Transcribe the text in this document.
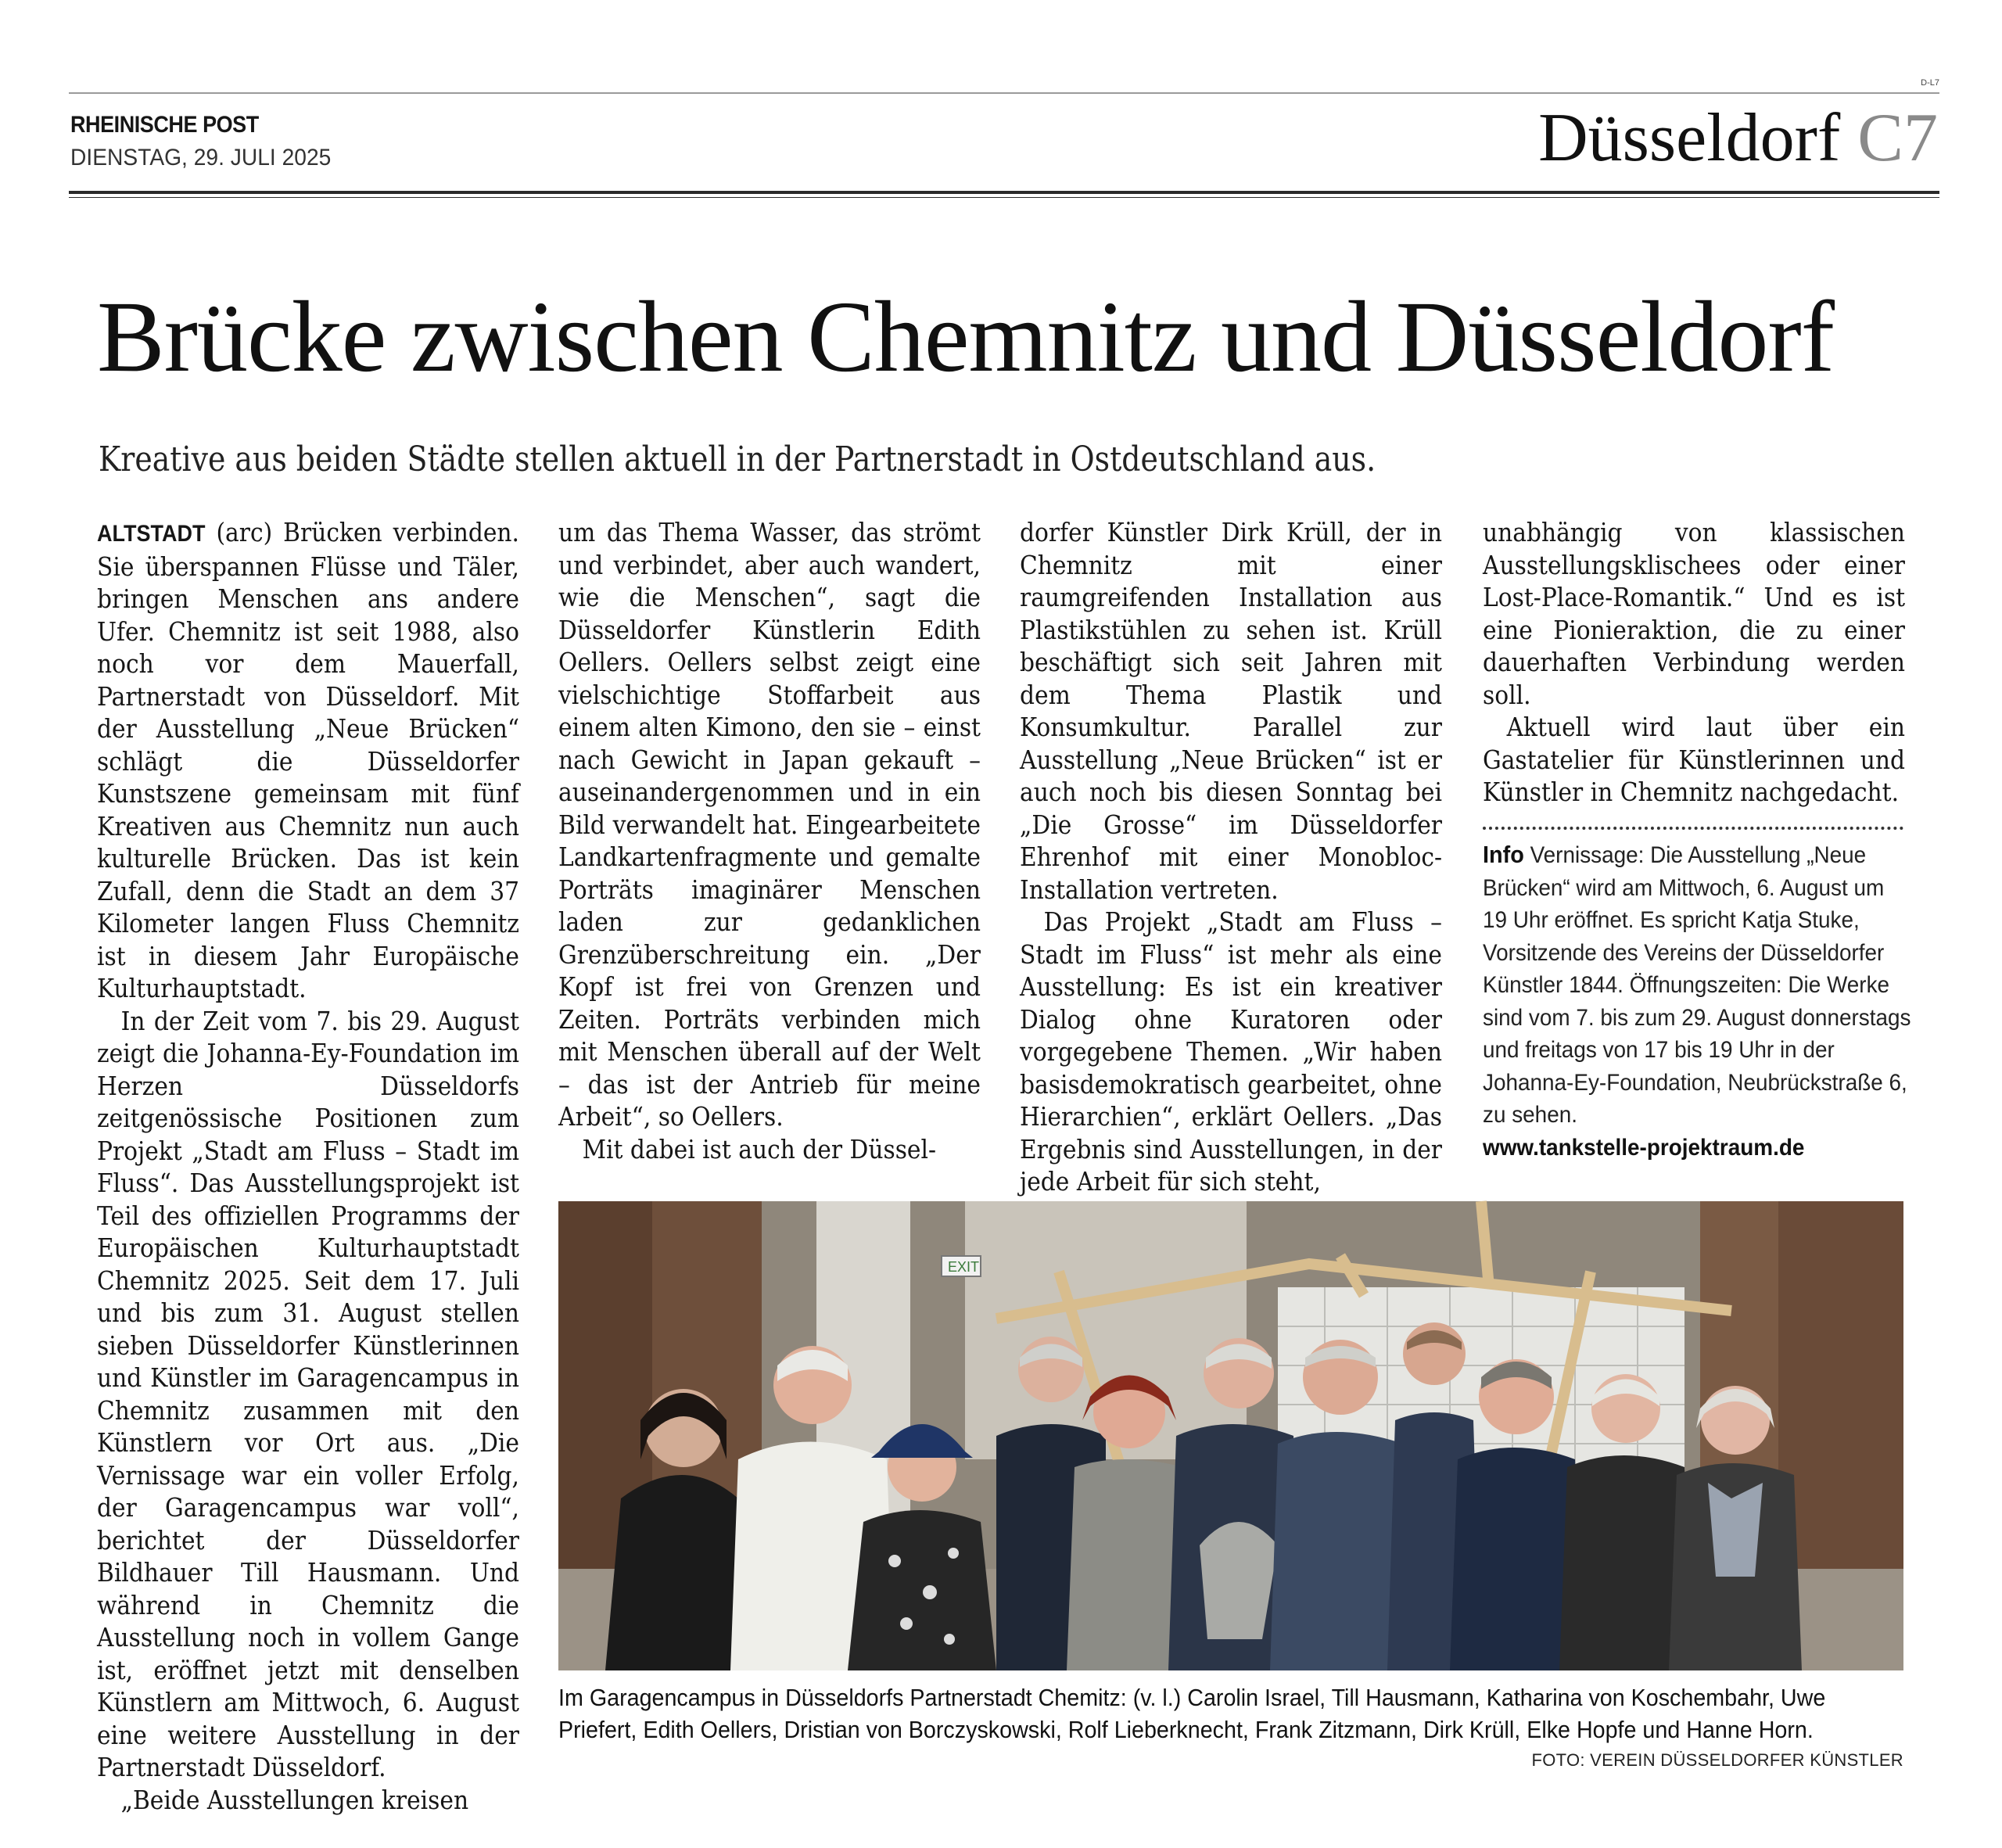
D-L7
RHEINISCHE POST
DIENSTAG, 29. JULI 2025	Düsseldorf C7
Brücke zwischen Chemnitz und Düsseldorf
Kreative aus beiden Städte stellen aktuell in der Partnerstadt in Ostdeutschland aus.

ALTSTADT (arc) Brücken verbinden. Sie überspannen Flüsse und Täler, bringen Menschen ans andere Ufer. Chemnitz ist seit 1988, also noch vor dem Mauerfall, Partnerstadt von Düsseldorf. Mit der Ausstellung „Neue Brücken“ schlägt die Düsseldorfer Kunstszene gemeinsam mit fünf Kreativen aus Chemnitz nun auch kulturelle Brücken. Das ist kein Zufall, denn die Stadt an dem 37 Kilometer langen Fluss Chemnitz ist in diesem Jahr Europäische Kulturhauptstadt.

In der Zeit vom 7. bis 29. August zeigt die Johanna-Ey-Foundation im Herzen Düsseldorfs zeitgenössische Positionen zum Projekt „Stadt am Fluss – Stadt im Fluss“. Das Ausstellungsprojekt ist Teil des offiziellen Programms der Europäischen Kulturhauptstadt Chemnitz 2025. Seit dem 17. Juli und bis zum 31. August stellen sieben Düsseldorfer Künstlerinnen und Künstler im Garagencampus in Chemnitz zusammen mit den Künstlern vor Ort aus. „Die Vernissage war ein voller Erfolg, der Garagencampus war voll“, berichtet der Düsseldorfer Bildhauer Till Hausmann. Und während in Chemnitz die Ausstellung noch in vollem Gange ist, eröffnet jetzt mit denselben Künstlern am Mittwoch, 6. August eine weitere Ausstellung in der Partnerstadt Düsseldorf.

„Beide Ausstellungen kreisen

um das Thema Wasser, das strömt und verbindet, aber auch wandert, wie die Menschen“, sagt die Düsseldorfer Künstlerin Edith Oellers. Oellers selbst zeigt eine vielschichtige Stoffarbeit aus einem alten Kimono, den sie – einst nach Gewicht in Japan gekauft – auseinandergenommen und in ein Bild verwandelt hat. Eingearbeitete Landkartenfragmente und gemalte Porträts imaginärer Menschen laden zur gedanklichen Grenzüberschreitung ein. „Der Kopf ist frei von Grenzen und Zeiten. Porträts verbinden mich mit Menschen überall auf der Welt – das ist der Antrieb für meine Arbeit“, so Oellers.

Mit dabei ist auch der Düssel-

dorfer Künstler Dirk Krüll, der in Chemnitz mit einer raumgreifenden Installation aus Plastikstühlen zu sehen ist. Krüll beschäftigt sich seit Jahren mit dem Thema Plastik und Konsumkultur. Parallel zur Ausstellung „Neue Brücken“ ist er auch noch bis diesen Sonntag bei „Die Grosse“ im Düsseldorfer Ehrenhof mit einer Monobloc-Installation vertreten.

Das Projekt „Stadt am Fluss – Stadt im Fluss“ ist mehr als eine Ausstellung: Es ist ein kreativer Dialog ohne Kuratoren oder vorgegebene Themen. „Wir haben basisdemokratisch gearbeitet, ohne Hierarchien“, erklärt Oellers. „Das Ergebnis sind Ausstellungen, in der jede Arbeit für sich steht,

unabhängig von klassischen Ausstellungsklischees oder einer Lost-Place-Romantik.“ Und es ist eine Pionieraktion, die zu einer dauerhaften Verbindung werden soll.

Aktuell wird laut über ein Gastatelier für Künstlerinnen und Künstler in Chemnitz nachgedacht.

Info Vernissage: Die Ausstellung „Neue Brücken“ wird am Mittwoch, 6. August um 19 Uhr eröffnet. Es spricht Katja Stuke, Vorsitzende des Vereins der Düsseldorfer Künstler 1844. Öffnungszeiten: Die Werke sind vom 7. bis zum 29. August donnerstags und freitags von 17 bis 19 Uhr in der Johanna-Ey-Foundation, Neubrückstraße 6, zu sehen.
www.tankstelle-projektraum.de
EXIT
Im Garagencampus in Düsseldorfs Partnerstadt Chemitz: (v. l.) Carolin Israel, Till Hausmann, Katharina von Koschembahr, Uwe Priefert, Edith Oellers, Dristian von Borczyskowski, Rolf Lieberknecht, Frank Zitzmann, Dirk Krüll, Elke Hopfe und Hanne Horn.
FOTO: VEREIN DÜSSELDORFER KÜNSTLER
